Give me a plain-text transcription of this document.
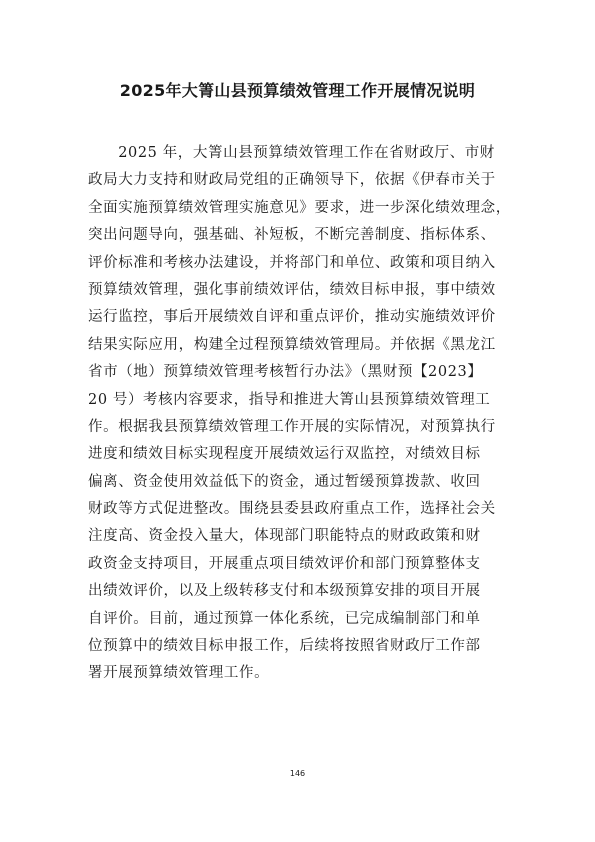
2025年大箐山县预算绩效管理工作开展情况说明
　　2025 年，大箐山县预算绩效管理工作在省财政厅、市财
政局大力支持和财政局党组的正确领导下，依据《伊春市关于
全面实施预算绩效管理实施意见》要求，进一步深化绩效理念，
突出问题导向，强基础、补短板，不断完善制度、指标体系、
评价标准和考核办法建设，并将部门和单位、政策和项目纳入
预算绩效管理，强化事前绩效评估，绩效目标申报，事中绩效
运行监控，事后开展绩效自评和重点评价，推动实施绩效评价
结果实际应用，构建全过程预算绩效管理局。并依据《黑龙江
省市（地）预算绩效管理考核暂行办法》（黑财预【2023】
20 号）考核内容要求，指导和推进大箐山县预算绩效管理工
作。根据我县预算绩效管理工作开展的实际情况，对预算执行
进度和绩效目标实现程度开展绩效运行双监控，对绩效目标
偏离、资金使用效益低下的资金，通过暂缓预算拨款、收回
财政等方式促进整改。围绕县委县政府重点工作，选择社会关
注度高、资金投入量大，体现部门职能特点的财政政策和财
政资金支持项目，开展重点项目绩效评价和部门预算整体支
出绩效评价，以及上级转移支付和本级预算安排的项目开展
自评价。目前，通过预算一体化系统，已完成编制部门和单
位预算中的绩效目标申报工作，后续将按照省财政厅工作部
署开展预算绩效管理工作。
146
